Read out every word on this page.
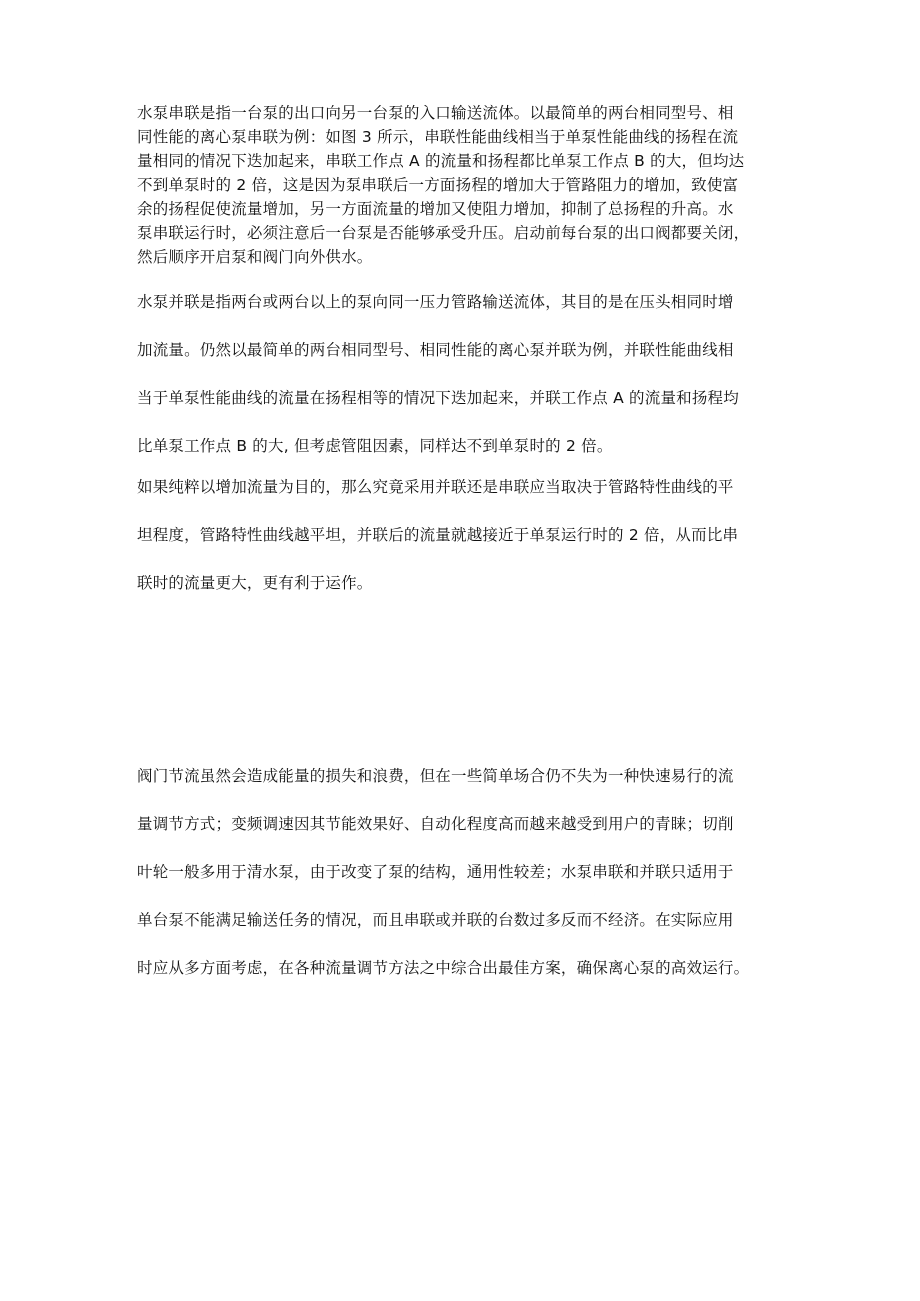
水泵串联是指一台泵的出口向另一台泵的入口输送流体。以最简单的两台相同型号、相
同性能的离心泵串联为例：如图 3 所示，串联性能曲线相当于单泵性能曲线的扬程在流
量相同的情况下迭加起来，串联工作点 A 的流量和扬程都比单泵工作点 B 的大，但均达
不到单泵时的 2 倍，这是因为泵串联后一方面扬程的增加大于管路阻力的增加，致使富
余的扬程促使流量增加，另一方面流量的增加又使阻力增加，抑制了总扬程的升高。水
泵串联运行时，必须注意后一台泵是否能够承受升压。启动前每台泵的出口阀都要关闭，
然后顺序开启泵和阀门向外供水。

水泵并联是指两台或两台以上的泵向同一压力管路输送流体，其目的是在压头相同时增
加流量。仍然以最简单的两台相同型号、相同性能的离心泵并联为例，并联性能曲线相
当于单泵性能曲线的流量在扬程相等的情况下迭加起来，并联工作点 A 的流量和扬程均
比单泵工作点 B 的大, 但考虑管阻因素，同样达不到单泵时的 2 倍。

如果纯粹以增加流量为目的，那么究竟采用并联还是串联应当取决于管路特性曲线的平
坦程度，管路特性曲线越平坦，并联后的流量就越接近于单泵运行时的 2 倍，从而比串
联时的流量更大，更有利于运作。

阀门节流虽然会造成能量的损失和浪费，但在一些简单场合仍不失为一种快速易行的流
量调节方式；变频调速因其节能效果好、自动化程度高而越来越受到用户的青睐；切削
叶轮一般多用于清水泵，由于改变了泵的结构，通用性较差；水泵串联和并联只适用于
单台泵不能满足输送任务的情况，而且串联或并联的台数过多反而不经济。在实际应用
时应从多方面考虑，在各种流量调节方法之中综合出最佳方案，确保离心泵的高效运行。
